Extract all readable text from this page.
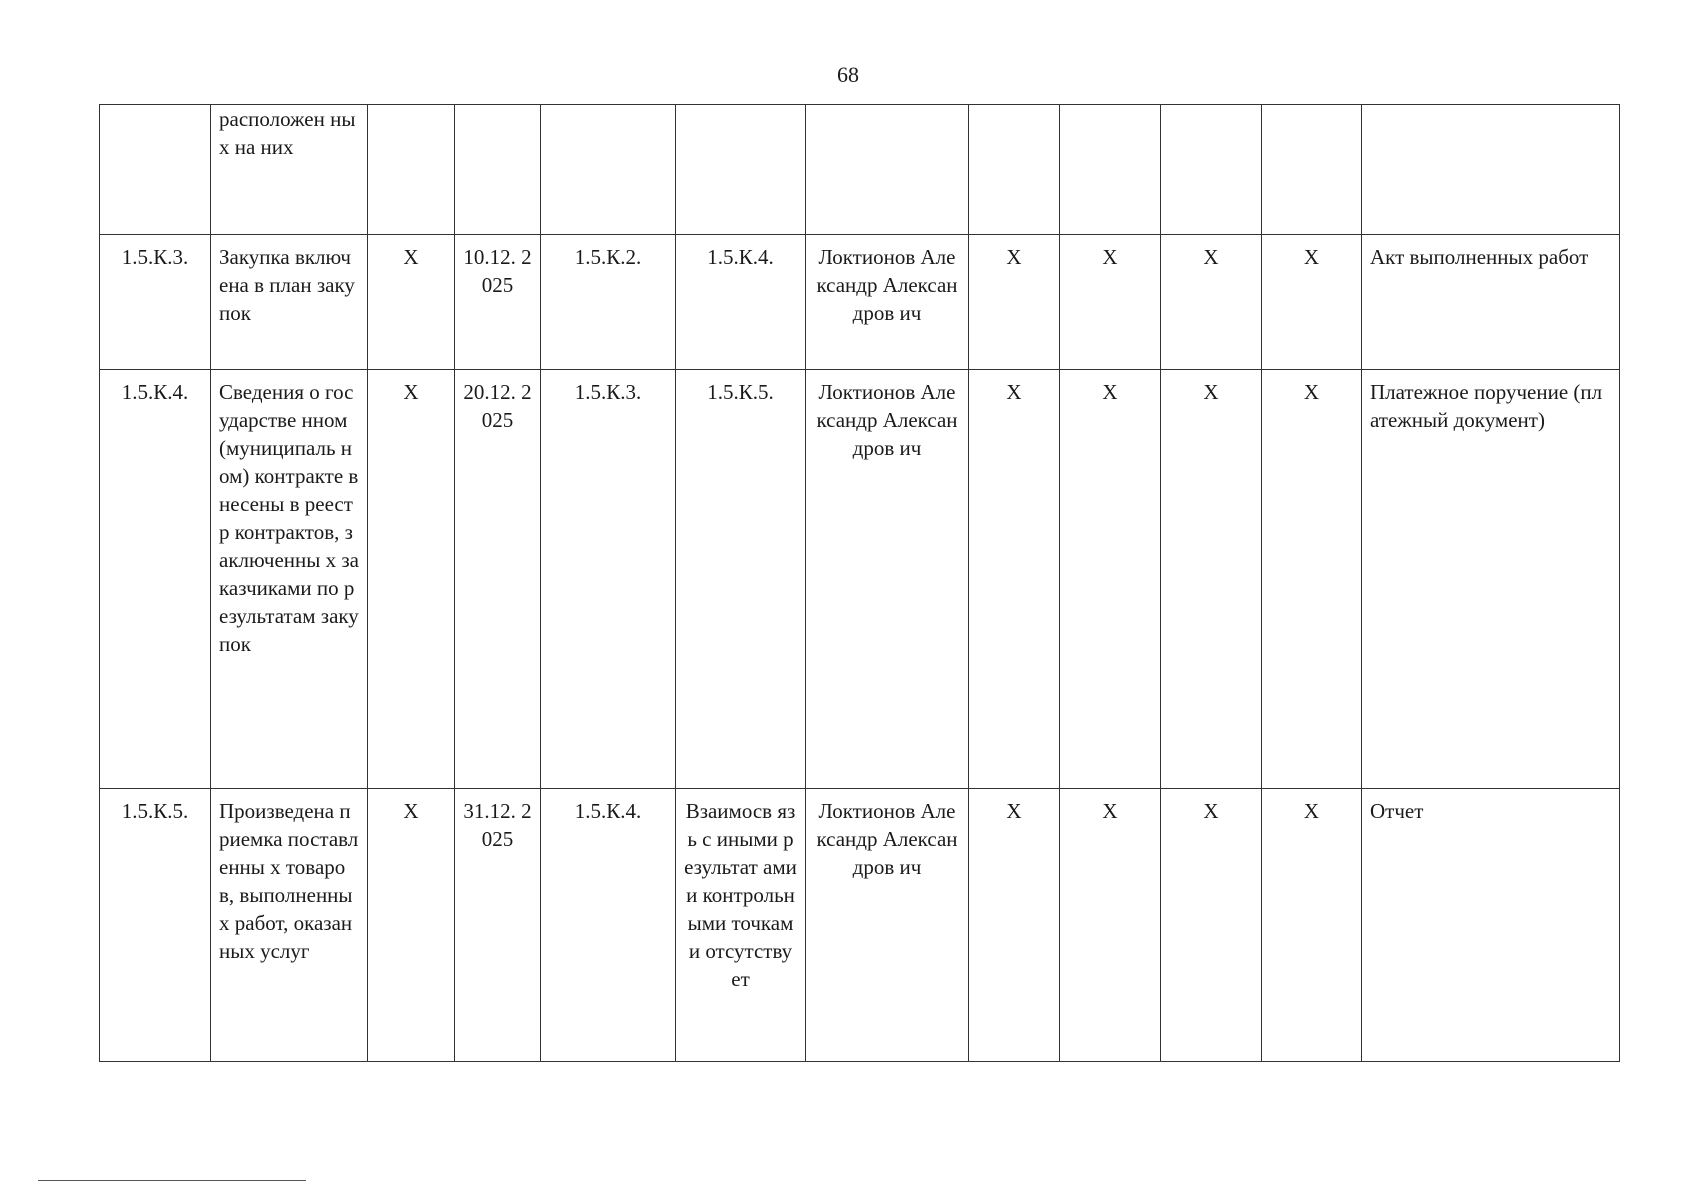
68
	расположен ных на них										
1.5.К.3.	Закупка включена в план закупок	X	10.12. 2025	1.5.К.2.	1.5.К.4.	Локтионов Александр Александров ич	X	X	X	X	Акт выполненных работ
1.5.К.4.	Сведения о государстве нном (муниципаль ном) контракте внесены в реестр контрактов, заключенны х заказчиками по результатам закупок	X	20.12. 2025	1.5.К.3.	1.5.К.5.	Локтионов Александр Александров ич	X	X	X	X	Платежное поручение (платежный документ)
1.5.К.5.	Произведена приемка поставленны х товаров, выполненны х работ, оказанных услуг	X	31.12. 2025	1.5.К.4.	Взаимосв язь с иными результат ами и контрольн ыми точками отсутству ет	Локтионов Александр Александров ич	X	X	X	X	Отчет
